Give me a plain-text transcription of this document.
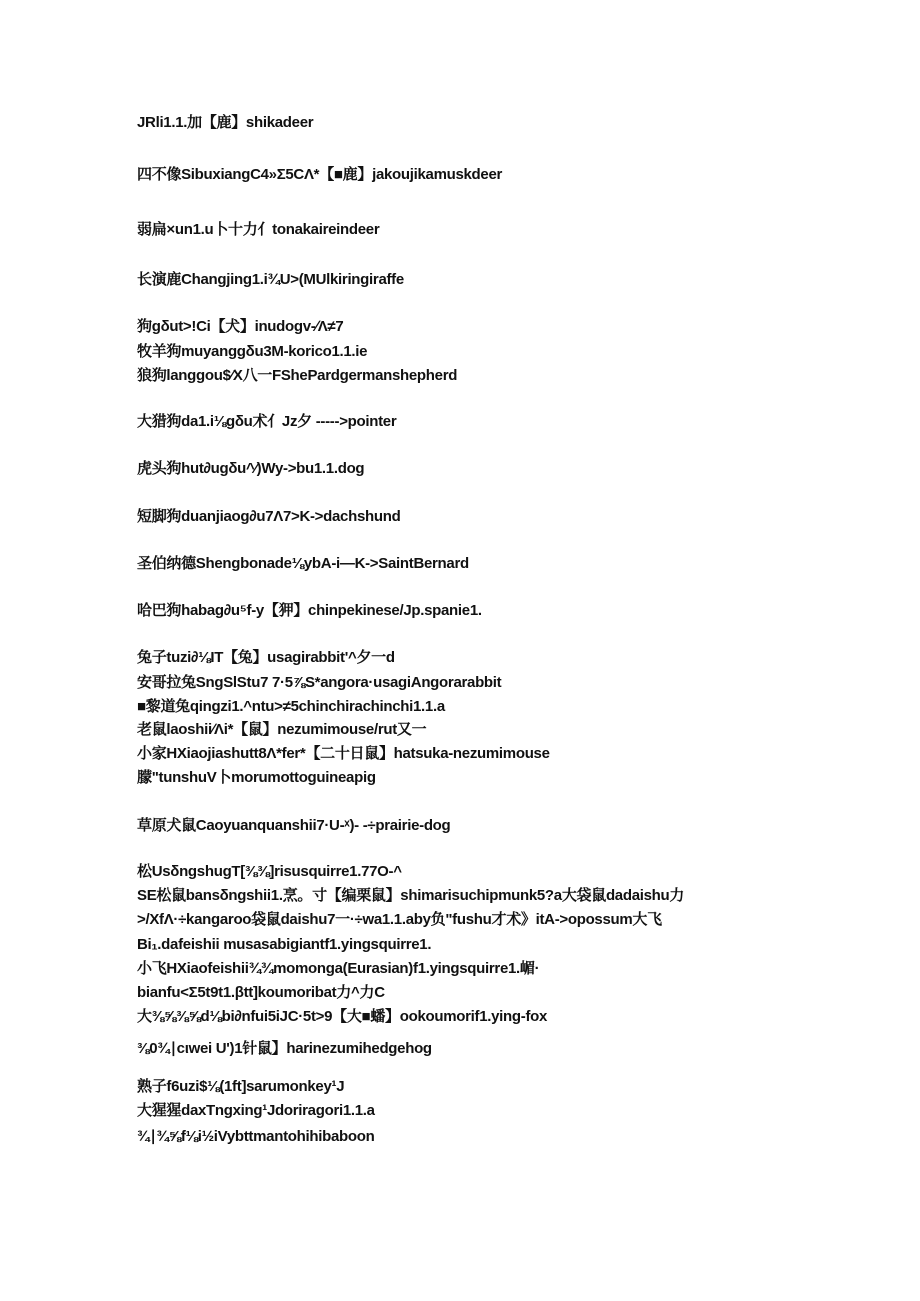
JRli1.1.加【鹿】shikadeer
四不像SibuxiangC4»Σ5CΛ*【■鹿】jakoujikamuskdeer
弱扁×un1.u卜十力亻tonakaireindeer
长演鹿Changjing1.i¾U>(MUlkiringiraffe
狗gδut>!Ci【犬】inudogv-∕Λ≠7
牧羊狗muyanggδu3M-korico1.1.ie
狼狗langgou$∕X八一FShePardgermanshepherd
大猎狗da1.i⅛gδu术亻Jz夕 ----->pointer
虎头狗hut∂ugδu^∕)Wy->bu1.1.dog
短脚狗duanjiaog∂u7Λ7>K->dachshund
圣伯纳德Shengbonade⅛ybA-i—K->SaintBernard
哈巴狗habag∂u⁵f-y【狎】chinpekinese/Jp.spanie1.
兔子tuzi∂⅛IT【兔】usagirabbit'^夕一d
安哥拉兔SngSlStu7 7·5⅞S*angora·usagiAngorarabbit
■黎道兔qingzi1.^ntu>≠5chinchirachinchi1.1.a
老鼠laoshii∕Λi*【鼠】nezumimouse/rut又一
小家HXiaojiashutt8Λ*fer*【二十日鼠】hatsuka-nezumimouse
朦"tunshuV卜morumottoguineapig
草原犬鼠Caoyuanquanshii7·U-ˣ)- -÷prairie-dog
松UsδngshugT[⅜⅜]risusquirre1.77O-^
SE松鼠bansδngshii1.烹。寸【编栗鼠】shimarisuchipmunk5?a大袋鼠dadaishu力
>/XfΛ·÷kangaroo袋鼠daishu7一·÷wa1.1.aby负"fushu才术》itA->opossum大飞
Bi₁.dafeishii musasabigiantf1.yingsquirre1.
小飞HXiaofeishii¾¾momonga(Eurasian)f1.yingsquirre1.嵋·
bianfu<Σ5t9t1.βtt]koumoribat力^力C
大⅜⅝⅜⅝d⅛bi∂nfui5iJC·5t>9【大■蟠】ookoumorif1.ying-fox
⅜0¾∣cιwei U')1针鼠】harinezumihedgehog
熟子f6uzi$⅛(1ft]sarumonkey¹J
大猩猩daxTngxing¹Jdoriragori1.1.a
¾∣¾⅝f⅛i½iVybttmantohihibaboon
